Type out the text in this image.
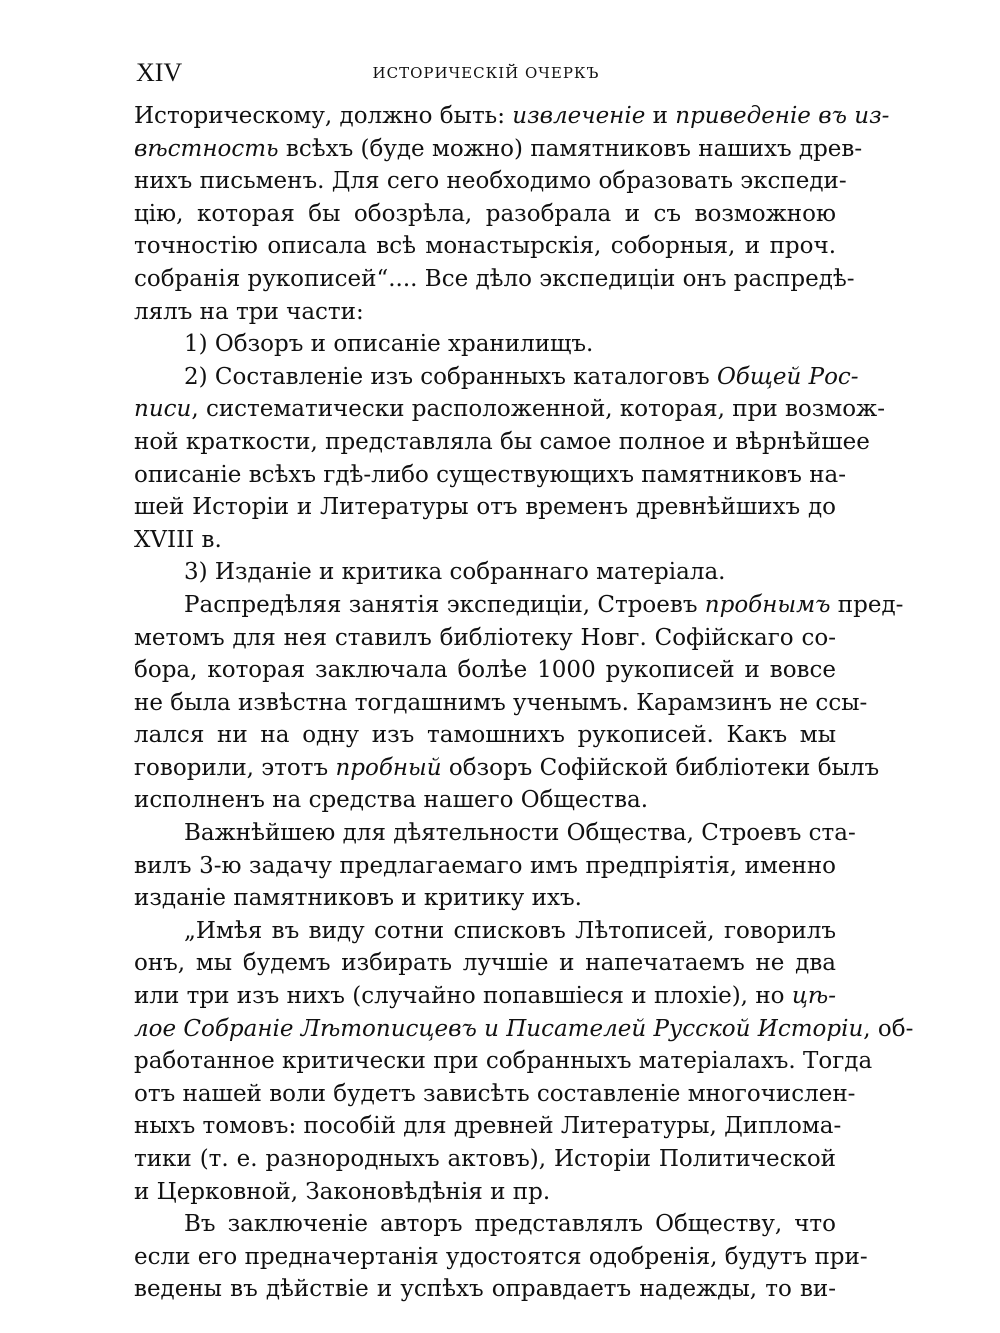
XIV	ИСТОРИЧЕСКІЙ ОЧЕРКЪ
Историческому, должно быть: извлеченіе и приведеніе въ из-
вѣстность всѣхъ (буде можно) памятниковъ нашихъ древ-
нихъ письменъ. Для сего необходимо образовать экспеди-
цію, которая бы обозрѣла, разобрала и съ возможною
точностію описала всѣ монастырскія, соборныя, и проч.
собранія рукописей“.... Все дѣло экспедиціи онъ распредѣ-
лялъ на три части:
1) Обзоръ и описаніе хранилищъ.
2) Составленіе изъ собранныхъ каталоговъ Общей Рос-
писи, систематически расположенной, которая, при возмож-
ной краткости, представляла бы самое полное и вѣрнѣйшее
описаніе всѣхъ гдѣ-либо существующихъ памятниковъ на-
шей Исторіи и Литературы отъ временъ древнѣйшихъ до
XVIII в.
3) Изданіе и критика собраннаго матеріала.
Распредѣляя занятія экспедиціи, Строевъ пробнымъ пред-
метомъ для нея ставилъ библіотеку Новг. Софійскаго со-
бора, которая заключала болѣе 1000 рукописей и вовсе
не была извѣстна тогдашнимъ ученымъ. Карамзинъ не ссы-
лался ни на одну изъ тамошнихъ рукописей. Какъ мы
говорили, этотъ пробный обзоръ Софійской библіотеки былъ
исполненъ на средства нашего Общества.
Важнѣйшею для дѣятельности Общества, Строевъ ста-
вилъ 3-ю задачу предлагаемаго имъ предпріятія, именно
изданіе памятниковъ и критику ихъ.
„Имѣя въ виду сотни списковъ Лѣтописей, говорилъ
онъ, мы будемъ избирать лучшіе и напечатаемъ не два
или три изъ нихъ (случайно попавшіеся и плохіе), но цѣ-
лое Собраніе Лѣтописцевъ и Писателей Русской Исторіи, об-
работанное критически при собранныхъ матеріалахъ. Тогда
отъ нашей воли будетъ зависѣть составленіе многочислен-
ныхъ томовъ: пособій для древней Литературы, Диплома-
тики (т. е. разнородныхъ актовъ), Исторіи Политической
и Церковной, Законовѣдѣнія и пр.
Въ заключеніе авторъ представлялъ Обществу, что
если его предначертанія удостоятся одобренія, будутъ при-
ведены въ дѣйствіе и успѣхъ оправдаетъ надежды, то ви-
